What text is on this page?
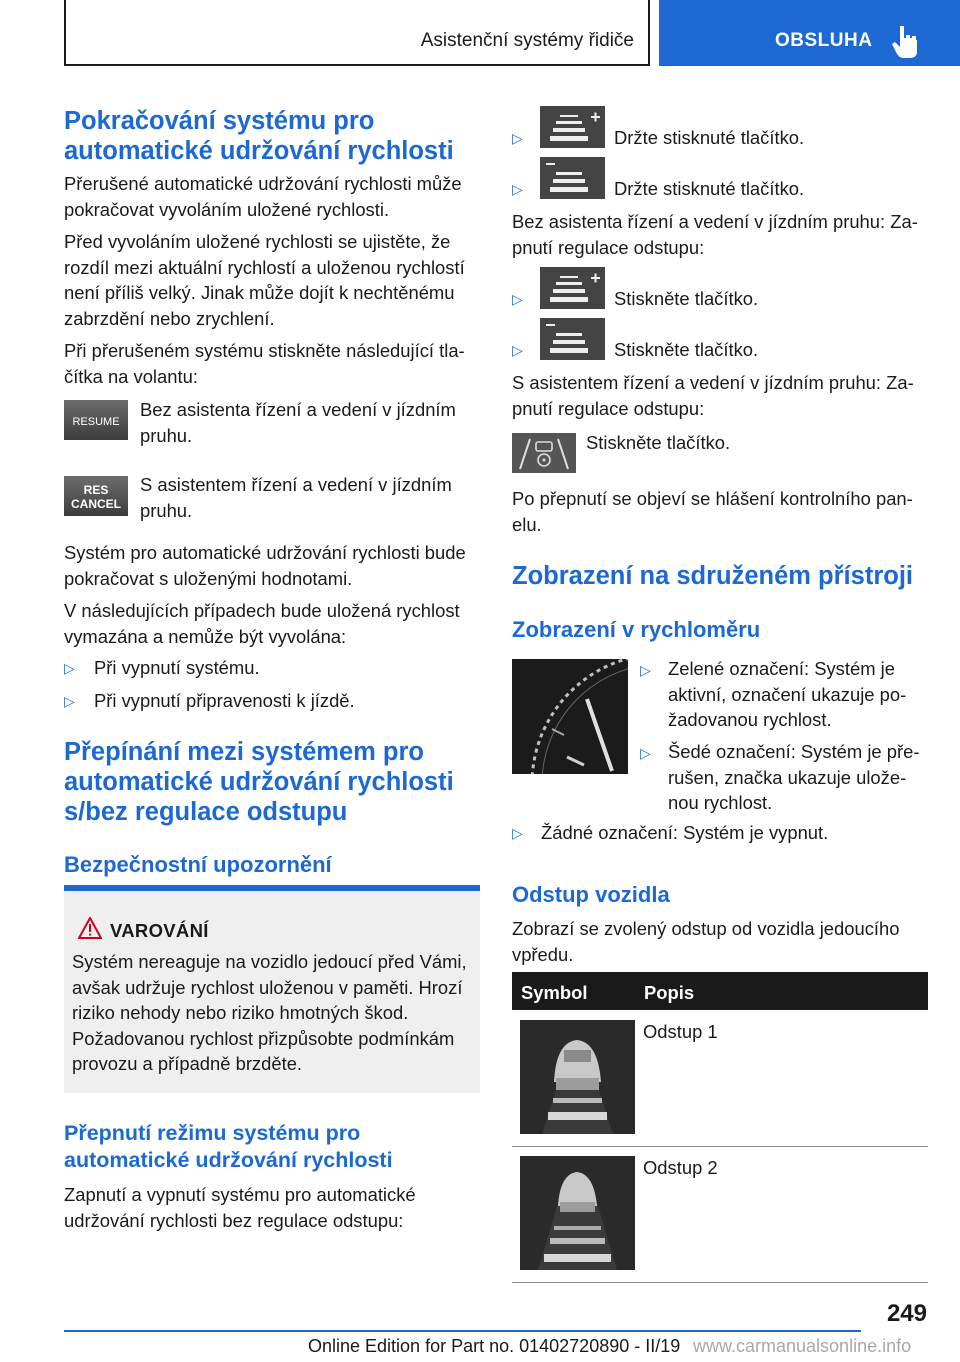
Asistenční systémy řidiče	OBSLUHA
Pokračování systému pro automatické udržování rychlosti
Přerušené automatické udržování rychlosti může pokračovat vyvoláním uložené rychlosti.
Před vyvoláním uložené rychlosti se ujistěte, že rozdíl mezi aktuální rychlostí a uloženou rychlostí není příliš velký. Jinak může dojít k nechtěnému zabrzdění nebo zrychlení.
Při přerušeném systému stiskněte následující tlačítka na volantu:
RESUME
Bez asistenta řízení a vedení v jízdním pruhu.
RES
CANCEL
S asistentem řízení a vedení v jízdním pruhu.
Systém pro automatické udržování rychlosti bude pokračovat s uloženými hodnotami.
V následujících případech bude uložená rychlost vymazána a nemůže být vyvolána:
▷ Při vypnutí systému.
▷ Při vypnutí připravenosti k jízdě.
Přepínání mezi systémem pro automatické udržování rychlosti s/bez regulace odstupu
Bezpečnostní upozornění
VAROVÁNÍ
Systém nereaguje na vozidlo jedoucí před Vámi, avšak udržuje rychlost uloženou v paměti. Hrozí riziko nehody nebo riziko hmotných škod. Požadovanou rychlost přizpůsobte podmínkám provozu a případně brzděte.
Přepnutí režimu systému pro automatické udržování rychlosti
Zapnutí a vypnutí systému pro automatické udržování rychlosti bez regulace odstupu:
▷	Držte stisknuté tlačítko.
▷	Držte stisknuté tlačítko.
Bez asistenta řízení a vedení v jízdním pruhu: Zapnutí regulace odstupu:
▷	Stiskněte tlačítko.
▷	Stiskněte tlačítko.
S asistentem řízení a vedení v jízdním pruhu: Zapnutí regulace odstupu:
Stiskněte tlačítko.
Po přepnutí se objeví se hlášení kontrolního panelu.
Zobrazení na sdruženém přístroji
Zobrazení v rychloměru
▷ Zelené označení: Systém je aktivní, označení ukazuje požadovanou rychlost.
▷ Šedé označení: Systém je přerušen, značka ukazuje uloženou rychlost.
▷ Žádné označení: Systém je vypnut.
Odstup vozidla
Zobrazí se zvolený odstup od vozidla jedoucího vpředu.
Symbol	Popis
Odstup 1
Odstup 2
249
Online Edition for Part no. 01402720890 - II/19 www.carmanualsonline.info
